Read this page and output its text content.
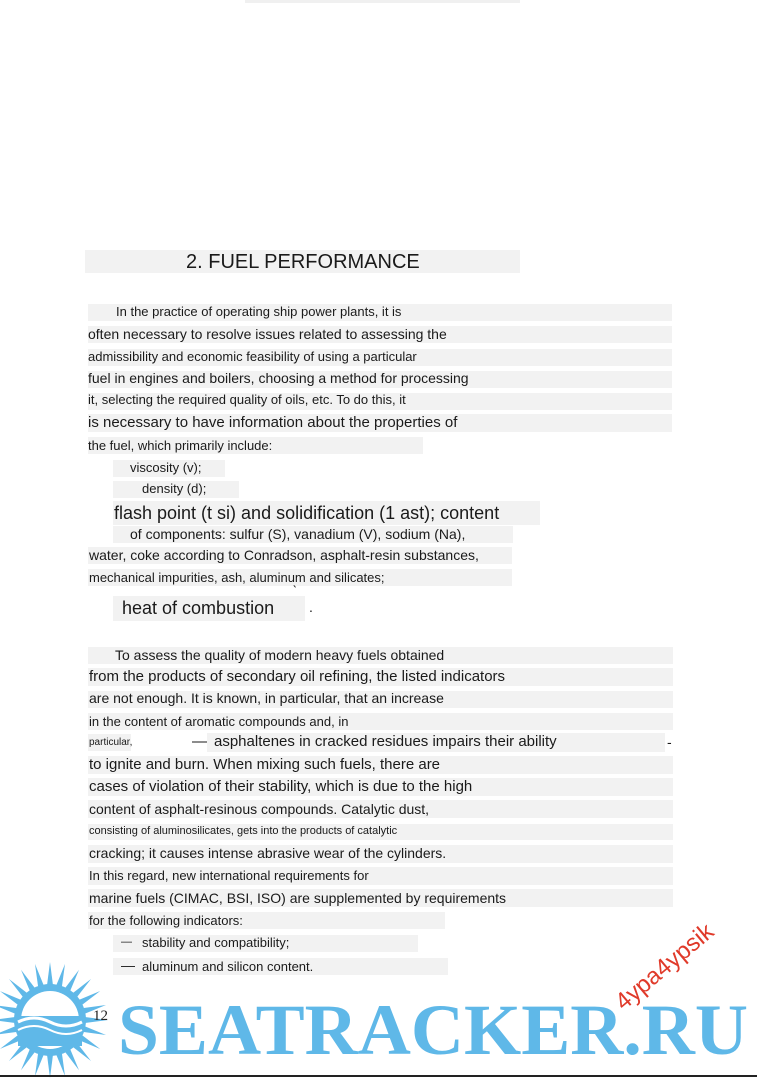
2. FUEL PERFORMANCE
In the practice of operating ship power plants, it is
often necessary to resolve issues related to assessing the
admissibility and economic feasibility of using a particular
fuel in engines and boilers, choosing a method for processing
it, selecting the required quality of oils, etc. To do this, it
is necessary to have information about the properties of
the fuel, which primarily include:
viscosity (v);
density (d);
flash point (t si) and solidification (1 ast); content
of components: sulfur (S), vanadium (V), sodium (Na),
water, coke according to Conradson, asphalt-resin substances,
mechanical impurities, ash, aluminum and silicates;
heat of combustion .
To assess the quality of modern heavy fuels obtained
from the products of secondary oil refining, the listed indicators
are not enough. It is known, in particular, that an increase
in the content of aromatic compounds and, in
particular,	— asphaltenes in cracked residues impairs their ability	-
to ignite and burn. When mixing such fuels, there are
cases of violation of their stability, which is due to the high
content of asphalt-resinous compounds. Catalytic dust,
consisting of aluminosilicates, gets into the products of catalytic
cracking; it causes intense abrasive wear of the cylinders.
In this regard, new international requirements for
marine fuels (CIMAC, BSI, ISO) are supplemented by requirements
for the following indicators:
— stability and compatibility;
— aluminum and silicon content.
SEATRACKER.RU
12
4ура4ypsik
